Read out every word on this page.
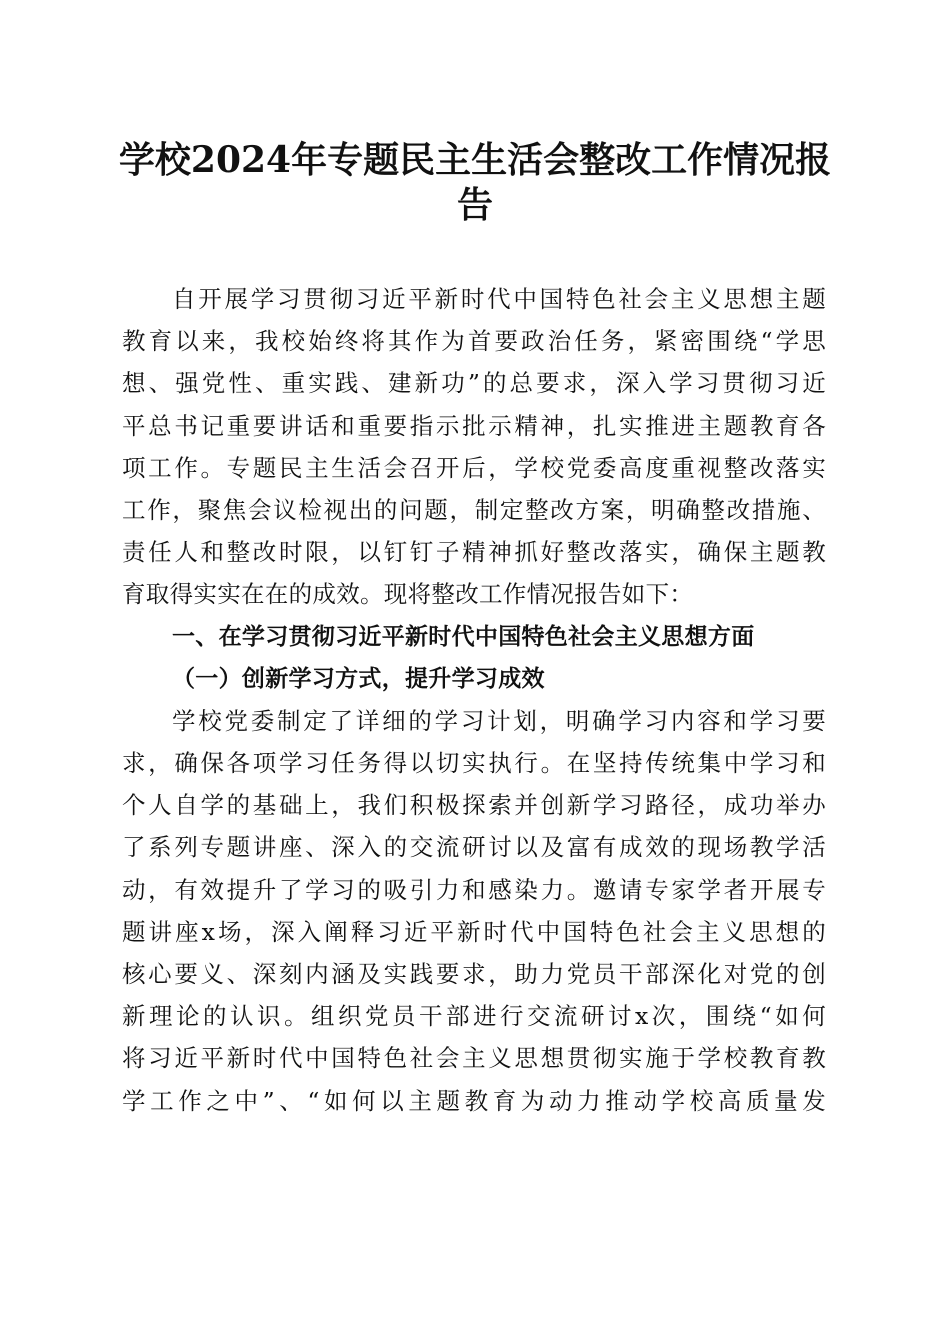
学校2024年专题民主生活会整改工作情况报
告
自开展学习贯彻习近平新时代中国特色社会主义思想主题
教育以来，我校始终将其作为首要政治任务，紧密围绕“学思
想、强党性、重实践、建新功”的总要求，深入学习贯彻习近
平总书记重要讲话和重要指示批示精神，扎实推进主题教育各
项工作。专题民主生活会召开后，学校党委高度重视整改落实
工作，聚焦会议检视出的问题，制定整改方案，明确整改措施、
责任人和整改时限，以钉钉子精神抓好整改落实，确保主题教
育取得实实在在的成效。现将整改工作情况报告如下：
一、在学习贯彻习近平新时代中国特色社会主义思想方面
（一）创新学习方式，提升学习成效
学校党委制定了详细的学习计划，明确学习内容和学习要
求，确保各项学习任务得以切实执行。在坚持传统集中学习和
个人自学的基础上，我们积极探索并创新学习路径，成功举办
了系列专题讲座、深入的交流研讨以及富有成效的现场教学活
动，有效提升了学习的吸引力和感染力。邀请专家学者开展专
题讲座x场，深入阐释习近平新时代中国特色社会主义思想的
核心要义、深刻内涵及实践要求，助力党员干部深化对党的创
新理论的认识。组织党员干部进行交流研讨x次，围绕“如何
将习近平新时代中国特色社会主义思想贯彻实施于学校教育教
学工作之中”、“如何以主题教育为动力推动学校高质量发
